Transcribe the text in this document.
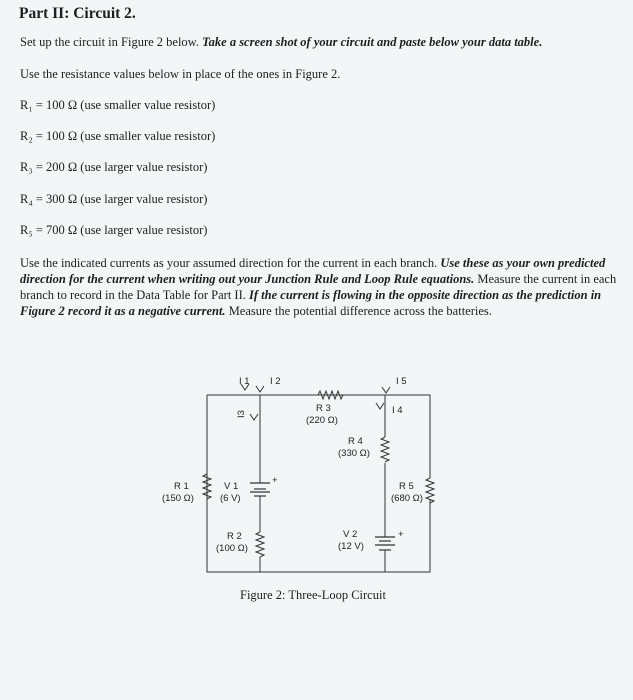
Part II: Circuit 2.
Set up the circuit in Figure 2 below. Take a screen shot of your circuit and paste below your data table.
Use the resistance values below in place of the ones in Figure 2.
R₁ = 100 Ω (use smaller value resistor)
R₂ = 100 Ω (use smaller value resistor)
R₃ = 200 Ω (use larger value resistor)
R₄ = 300 Ω (use larger value resistor)
R₅ = 700 Ω (use larger value resistor)
Use the indicated currents as your assumed direction for the current in each branch. Use these as your own predicted direction for the current when writing out your Junction Rule and Loop Rule equations. Measure the current in each branch to record in the Data Table for Part II. If the current is flowing in the opposite direction as the prediction in Figure 2 record it as a negative current. Measure the potential difference across the batteries.
I 1 I 2
I3	I 4
I 5
R 3
(220 Ω)
R 4
(330 Ω)
R 1
(150 Ω)
V 1
(6 V)
+
R 5
(680 Ω)
R 2
(100 Ω)
V 2
(12 V)
+
Figure 2: Three-Loop Circuit
